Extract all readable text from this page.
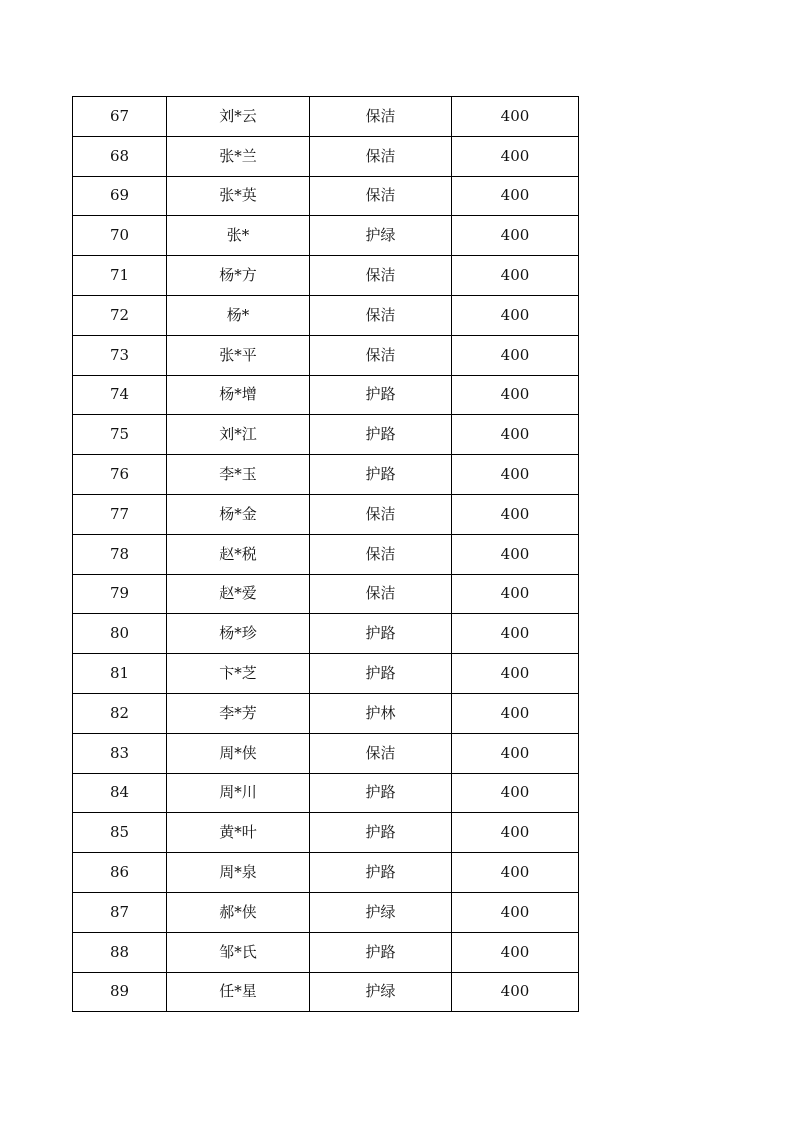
67	刘*云	保洁	400
68	张*兰	保洁	400
69	张*英	保洁	400
70	张*	护绿	400
71	杨*方	保洁	400
72	杨*	保洁	400
73	张*平	保洁	400
74	杨*增	护路	400
75	刘*江	护路	400
76	李*玉	护路	400
77	杨*金	保洁	400
78	赵*税	保洁	400
79	赵*爱	保洁	400
80	杨*珍	护路	400
81	卞*芝	护路	400
82	李*芳	护林	400
83	周*侠	保洁	400
84	周*川	护路	400
85	黄*叶	护路	400
86	周*泉	护路	400
87	郝*侠	护绿	400
88	邹*氏	护路	400
89	任*星	护绿	400
